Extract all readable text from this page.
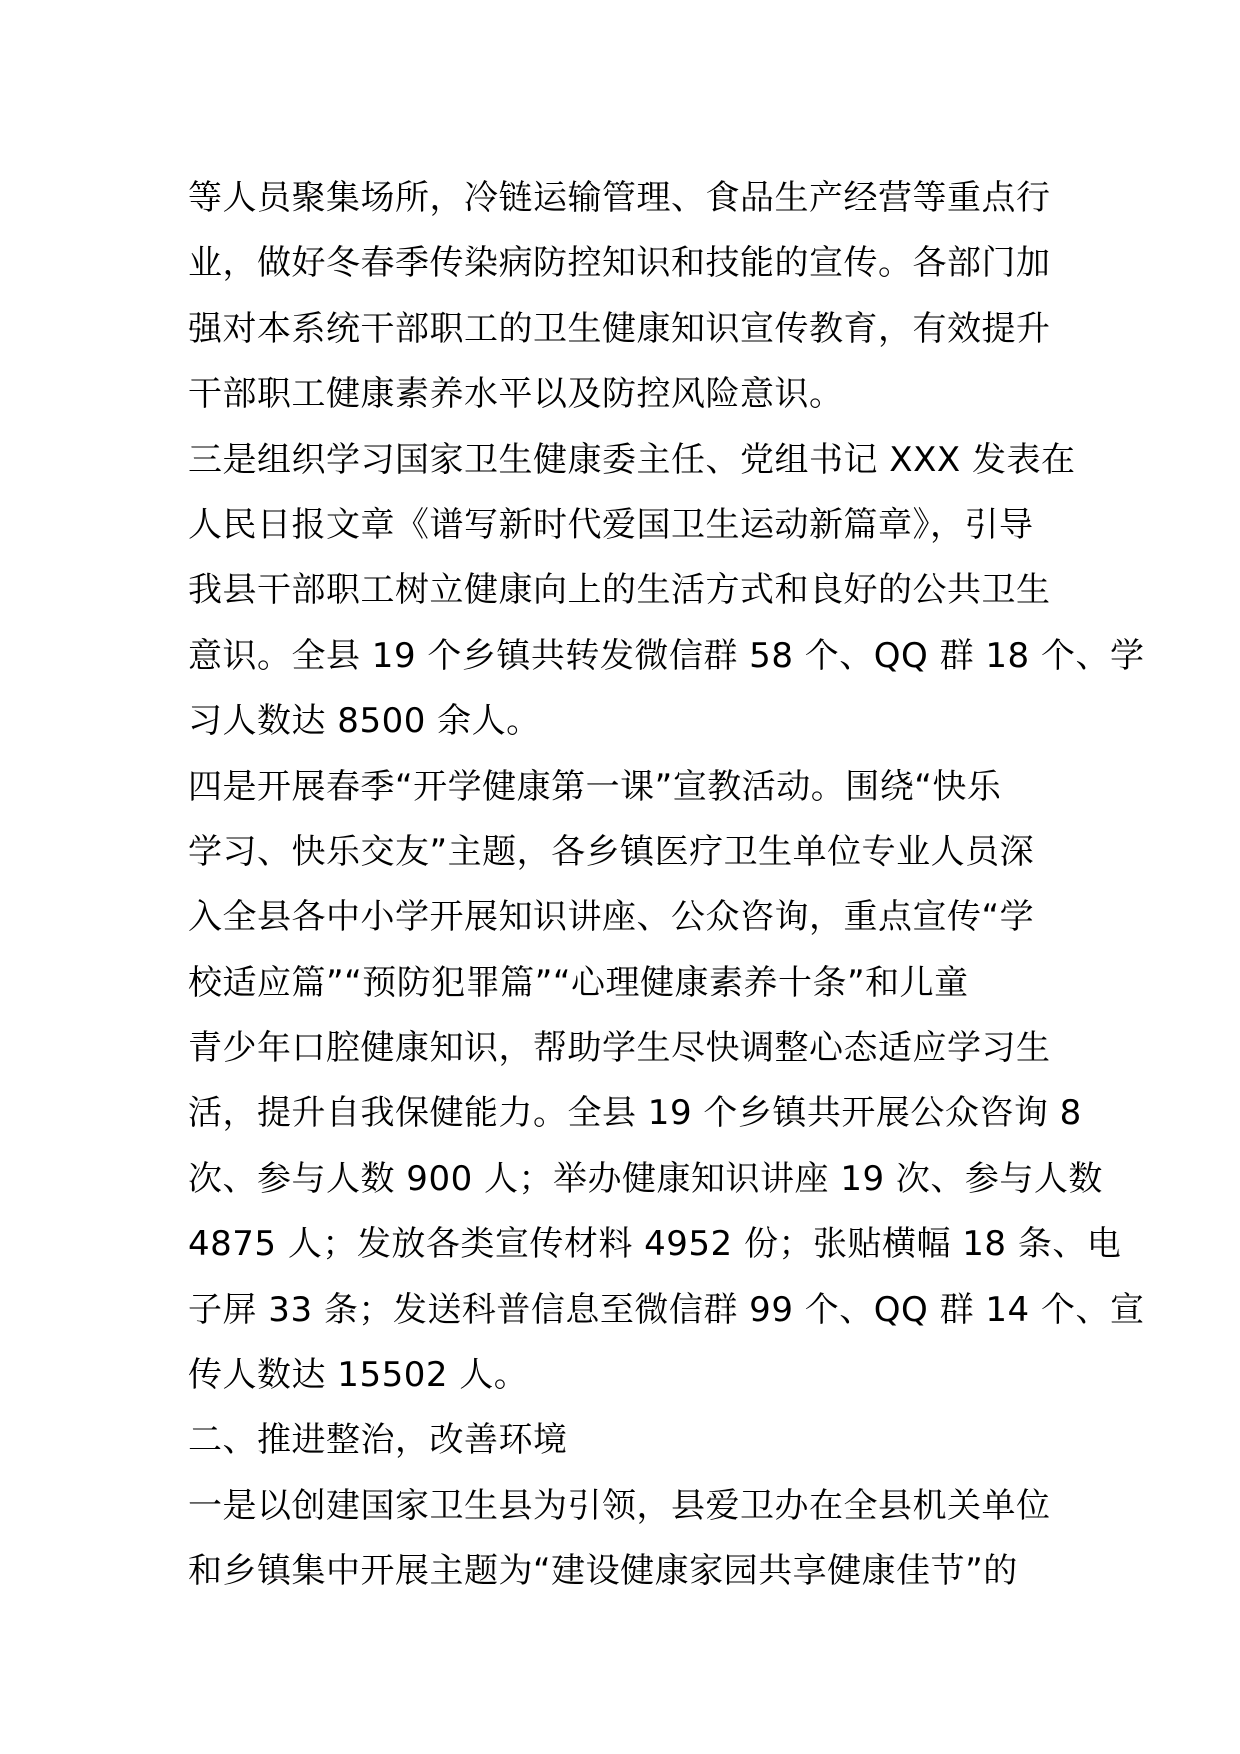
等人员聚集场所，冷链运输管理、食品生产经营等重点行
业，做好冬春季传染病防控知识和技能的宣传。各部门加
强对本系统干部职工的卫生健康知识宣传教育，有效提升
干部职工健康素养水平以及防控风险意识。
三是组织学习国家卫生健康委主任、党组书记 XXX 发表在
人民日报文章《谱写新时代爱国卫生运动新篇章》，引导
我县干部职工树立健康向上的生活方式和良好的公共卫生
意识。全县 19 个乡镇共转发微信群 58 个、QQ 群 18 个、学
习人数达 8500 余人。
四是开展春季“开学健康第一课”宣教活动。围绕“快乐
学习、快乐交友”主题，各乡镇医疗卫生单位专业人员深
入全县各中小学开展知识讲座、公众咨询，重点宣传“学
校适应篇”“预防犯罪篇”“心理健康素养十条”和儿童
青少年口腔健康知识，帮助学生尽快调整心态适应学习生
活，提升自我保健能力。全县 19 个乡镇共开展公众咨询 8
次、参与人数 900 人；举办健康知识讲座 19 次、参与人数
4875 人；发放各类宣传材料 4952 份；张贴横幅 18 条、电
子屏 33 条；发送科普信息至微信群 99 个、QQ 群 14 个、宣
传人数达 15502 人。
二、推进整治，改善环境
一是以创建国家卫生县为引领，县爱卫办在全县机关单位
和乡镇集中开展主题为“建设健康家园共享健康佳节”的
